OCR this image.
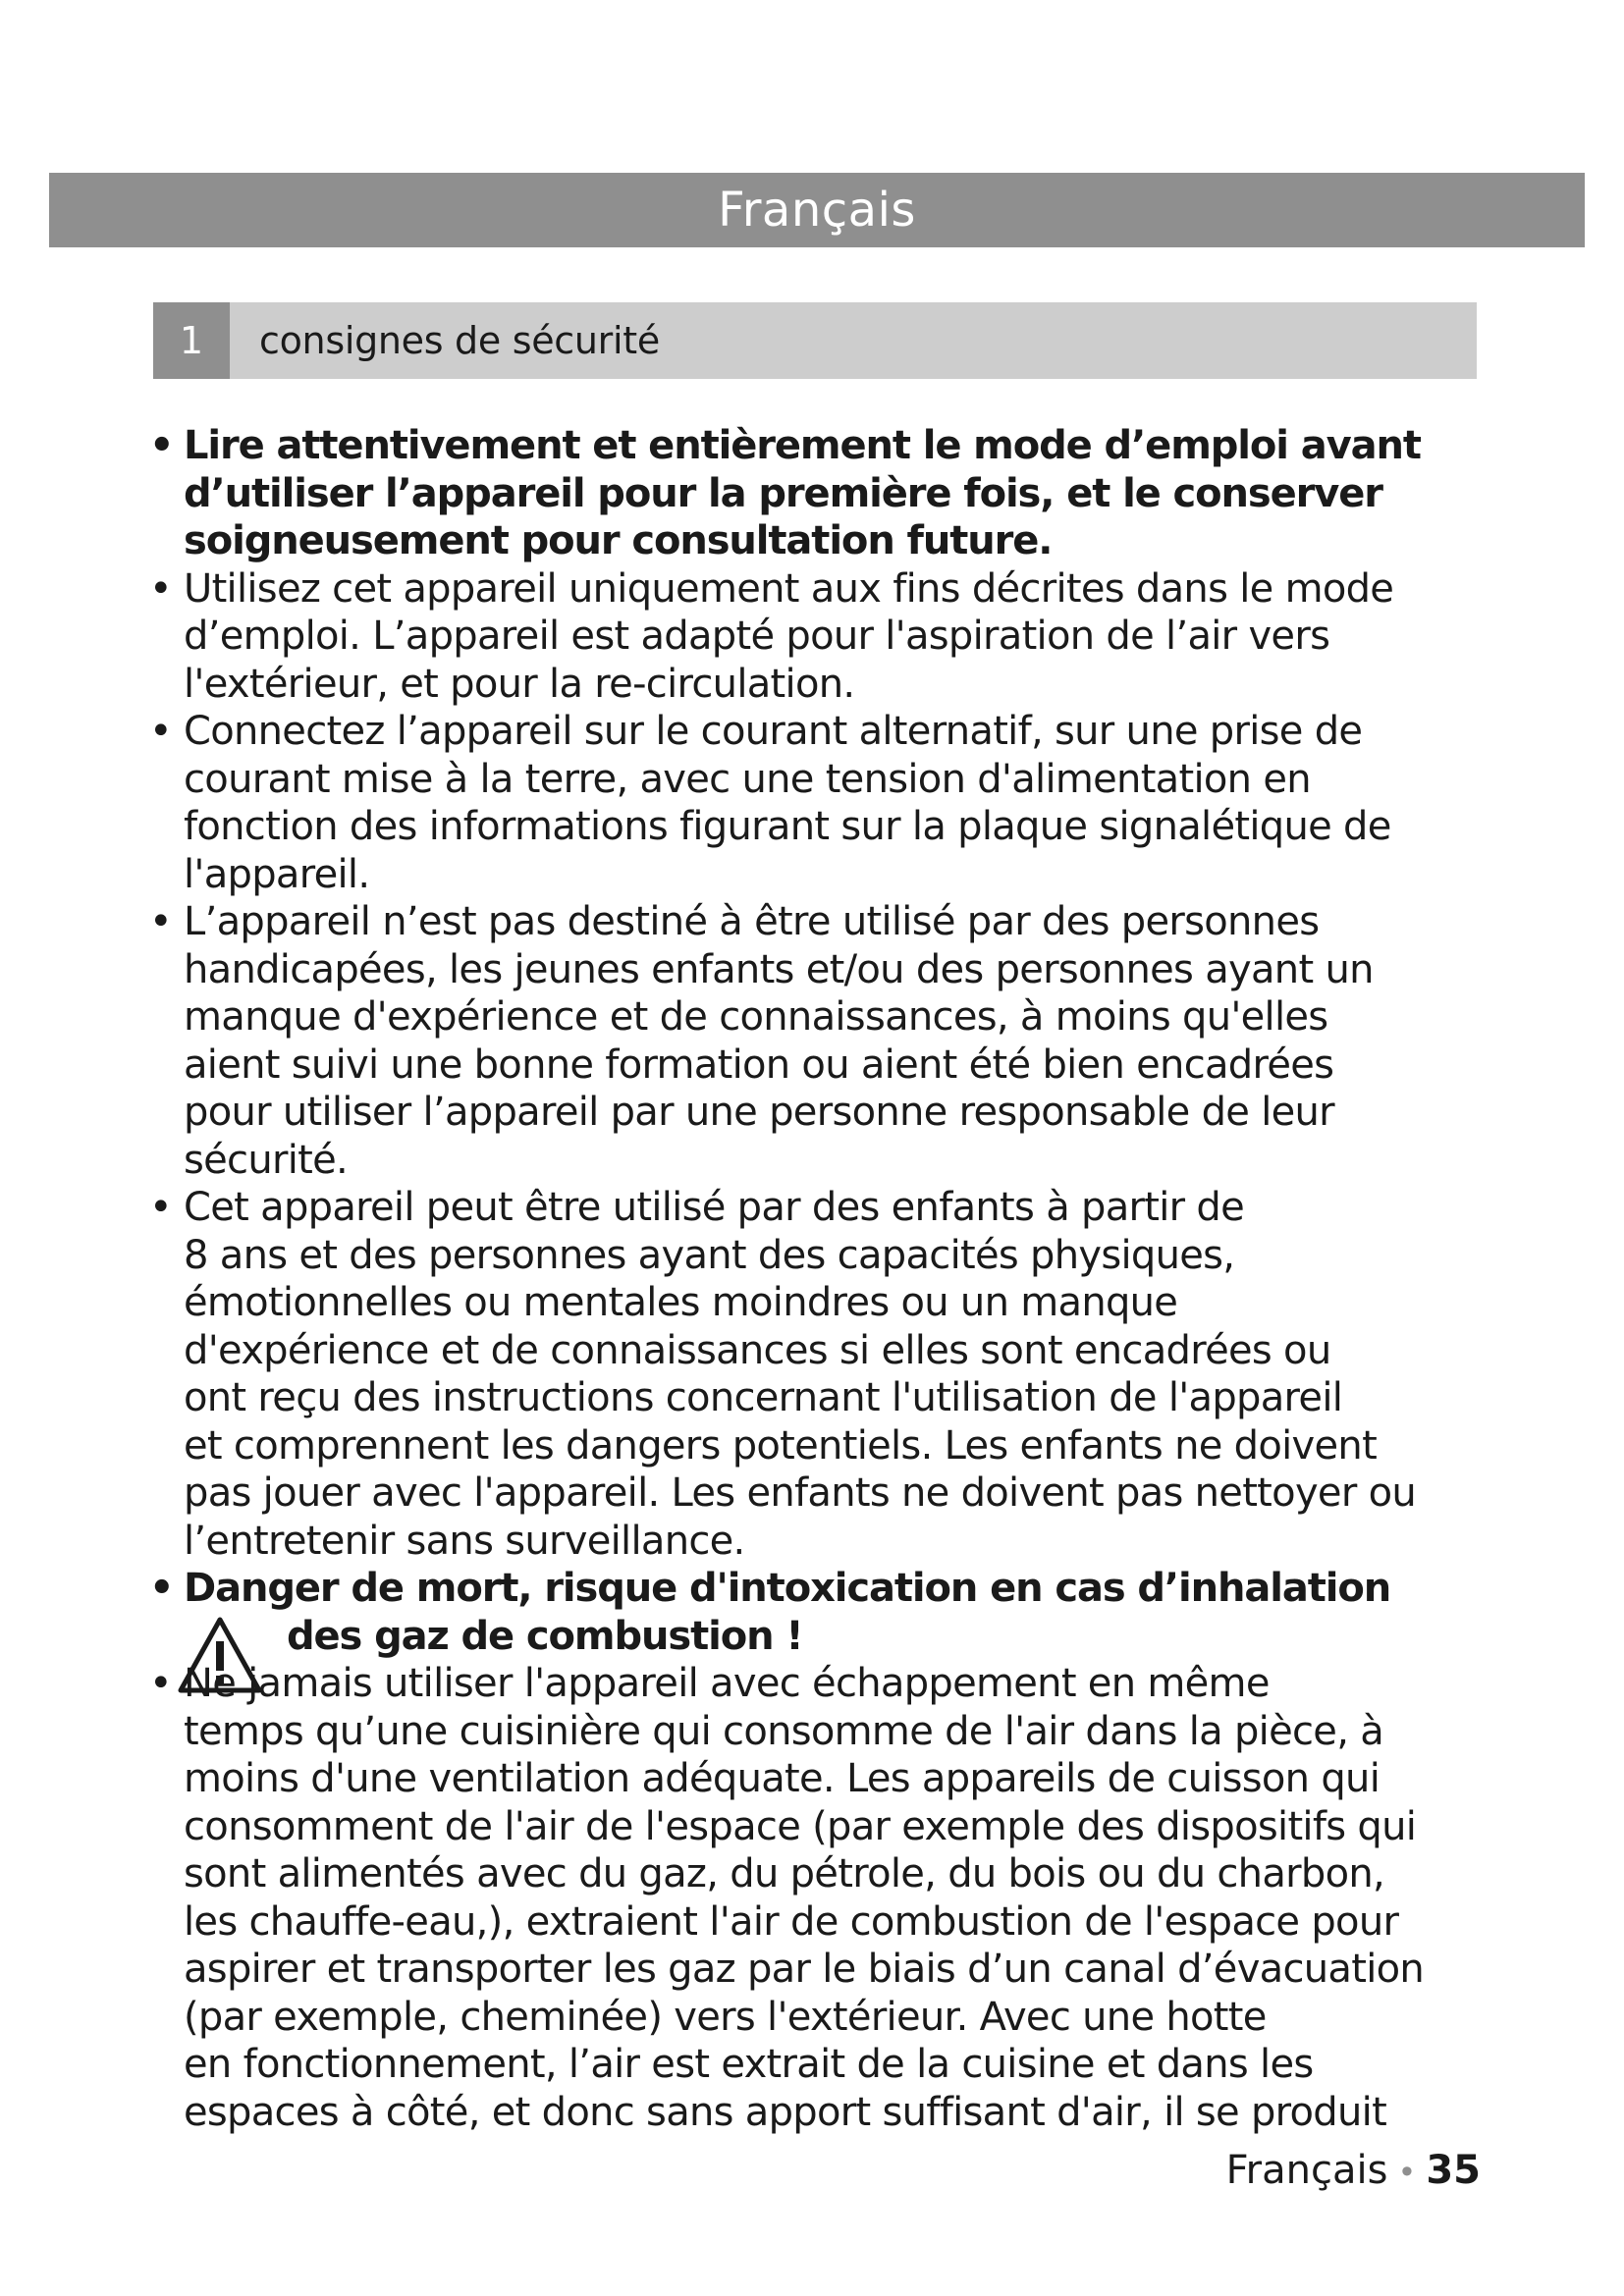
Français
1	consignes de sécurité
• Lire attentivement et entièrement le mode d’emploi avant
d’utiliser l’appareil pour la première fois, et le conserver
soigneusement pour consultation future.
• Utilisez cet appareil uniquement aux fins décrites dans le mode
d’emploi. L’appareil est adapté pour l'aspiration de l’air vers
l'extérieur, et pour la re-circulation.
• Connectez l’appareil sur le courant alternatif, sur une prise de
courant mise à la terre, avec une tension d'alimentation en
fonction des informations figurant sur la plaque signalétique de
l'appareil.
• L’appareil n’est pas destiné à être utilisé par des personnes
handicapées, les jeunes enfants et/ou des personnes ayant un
manque d'expérience et de connaissances, à moins qu'elles
aient suivi une bonne formation ou aient été bien encadrées
pour utiliser l’appareil par une personne responsable de leur
sécurité.
• Cet appareil peut être utilisé par des enfants à partir de
8 ans et des personnes ayant des capacités physiques,
émotionnelles ou mentales moindres ou un manque
d'expérience et de connaissances si elles sont encadrées ou
ont reçu des instructions concernant l'utilisation de l'appareil
et comprennent les dangers potentiels. Les enfants ne doivent
pas jouer avec l'appareil. Les enfants ne doivent pas nettoyer ou
l’entretenir sans surveillance.
• Danger de mort, risque d'intoxication en cas d’inhalation
des gaz de combustion !
• Ne jamais utiliser l'appareil avec échappement en même
temps qu’une cuisinière qui consomme de l'air dans la pièce, à
moins d'une ventilation adéquate. Les appareils de cuisson qui
consomment de l'air de l'espace (par exemple des dispositifs qui
sont alimentés avec du gaz, du pétrole, du bois ou du charbon,
les chauffe-eau,), extraient l'air de combustion de l'espace pour
aspirer et transporter les gaz par le biais d’un canal d’évacuation
(par exemple, cheminée) vers l'extérieur. Avec une hotte
en fonctionnement, l’air est extrait de la cuisine et dans les
espaces à côté, et donc sans apport suffisant d'air, il se produit
Français • 35
